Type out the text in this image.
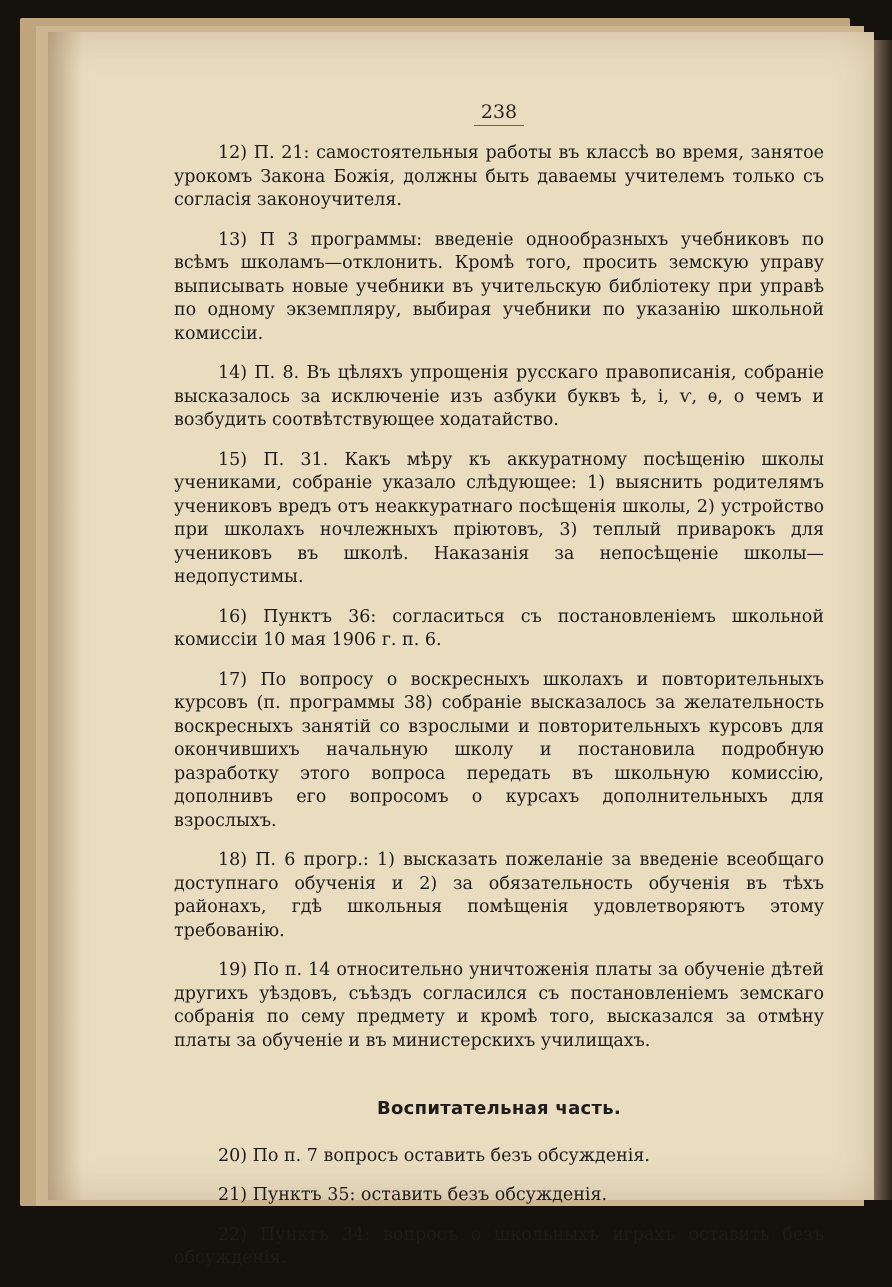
238

12) П. 21: самостоятельныя работы въ классѣ во время, занятое урокомъ Закона Божія, должны быть даваемы учителемъ только съ согласія законоучителя.

13) П 3 программы: введеніе однообразныхъ учебниковъ по всѣмъ школамъ—отклонить. Кромѣ того, просить земскую управу выписывать новые учебники въ учительскую библіотеку при управѣ по одному экземпляру, выбирая учебники по указанію школьной комиссіи.

14) П. 8. Въ цѣляхъ упрощенія русскаго правописанія, собраніе высказалось за исключеніе изъ азбуки буквъ ѣ, і, ѵ, ѳ, о чемъ и возбудить соотвѣтствующее ходатайство.

15) П. 31. Какъ мѣру къ аккуратному посѣщенію школы учениками, собраніе указало слѣдующее: 1) выяснить родителямъ учениковъ вредъ отъ неаккуратнаго посѣщенія школы, 2) устройство при школахъ ночлежныхъ пріютовъ, 3) теплый приварокъ для учениковъ въ школѣ. Наказанія за непосѣщеніе школы—недопустимы.

16) Пунктъ 36: согласиться съ постановленіемъ школьной комиссіи 10 мая 1906 г. п. 6.

17) По вопросу о воскресныхъ школахъ и повторительныхъ курсовъ (п. программы 38) собраніе высказалось за желательность воскресныхъ занятій со взрослыми и повторительныхъ курсовъ для окончившихъ начальную школу и постановила подробную разработку этого вопроса передать въ школьную комиссію, дополнивъ его вопросомъ о курсахъ дополнительныхъ для взрослыхъ.

18) П. 6 прогр.: 1) высказать пожеланіе за введеніе всеобщаго доступнаго обученія и 2) за обязательность обученія въ тѣхъ районахъ, гдѣ школьныя помѣщенія удовлетворяютъ этому требованію.

19) По п. 14 относительно уничтоженія платы за обученіе дѣтей другихъ уѣздовъ, съѣздъ согласился съ постановленіемъ земскаго собранія по сему предмету и кромѣ того, высказался за отмѣну платы за обученіе и въ министерскихъ училищахъ.

Воспитательная часть.

20) По п. 7 вопросъ оставить безъ обсужденія.

21) Пунктъ 35: оставить безъ обсужденія.

22) Пунктъ 34: вопросъ о школьныхъ играхъ оставить безъ обсужденія.
